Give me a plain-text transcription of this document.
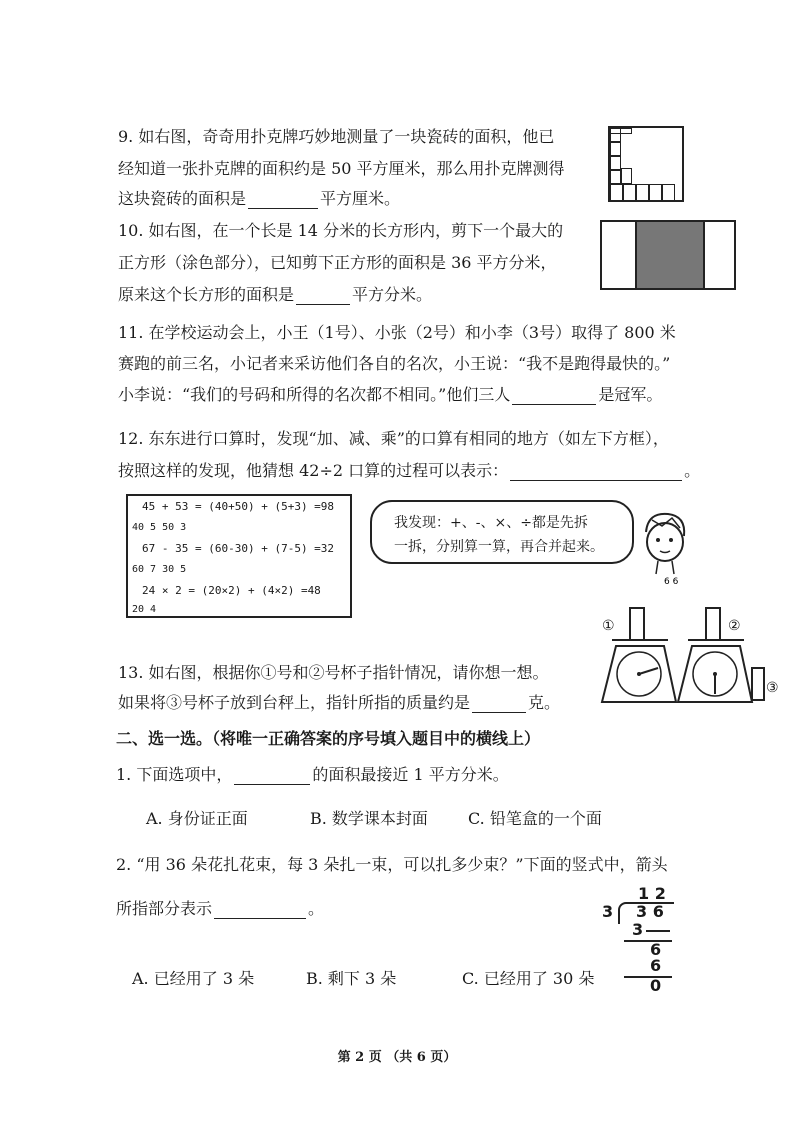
9. 如右图，奇奇用扑克牌巧妙地测量了一块瓷砖的面积，他已
经知道一张扑克牌的面积约是 50 平方厘米，那么用扑克牌测得
这块瓷砖的面积是	平方厘米。
10. 如右图，在一个长是 14 分米的长方形内，剪下一个最大的
正方形（涂色部分），已知剪下正方形的面积是 36 平方分米，
原来这个长方形的面积是	平方分米。
11. 在学校运动会上，小王（1号）、小张（2号）和小李（3号）取得了 800 米
赛跑的前三名，小记者来采访他们各自的名次，小王说：“我不是跑得最快的。”
小李说：“我们的号码和所得的名次都不相同。”他们三人	是冠军。
12. 东东进行口算时，发现“加、减、乘”的口算有相同的地方（如左下方框），
按照这样的发现，他猜想 42÷2 口算的过程可以表示：	。
45 + 53 = (40+50) + (5+3) =98
40 5 50 3
67 - 35 = (60-30) + (7-5) =32
60 7 30 5
24 × 2 = (20×2) + (4×2) =48
20 4
我发现：+、-、×、÷都是先拆
一拆，分别算一算，再合并起来。
6 6
13. 如右图，根据你①号和②号杯子指针情况，请你想一想。
如果将③号杯子放到台秤上，指针所指的质量约是	克。
①	②
③
二、选一选。（将唯一正确答案的序号填入题目中的横线上）
1. 下面选项中，	的面积最接近 1 平方分米。
A. 身份证正面	B. 数学课本封面	C. 铅笔盒的一个面
2. “用 36 朵花扎花束，每 3 朵扎一束，可以扎多少束？”下面的竖式中，箭头
所指部分表示	。
A. 已经用了 3 朵	B. 剩下 3 朵	C. 已经用了 30 朵
1 2
3 3 6
3
6
6
0
第 2 页 （共 6 页）
